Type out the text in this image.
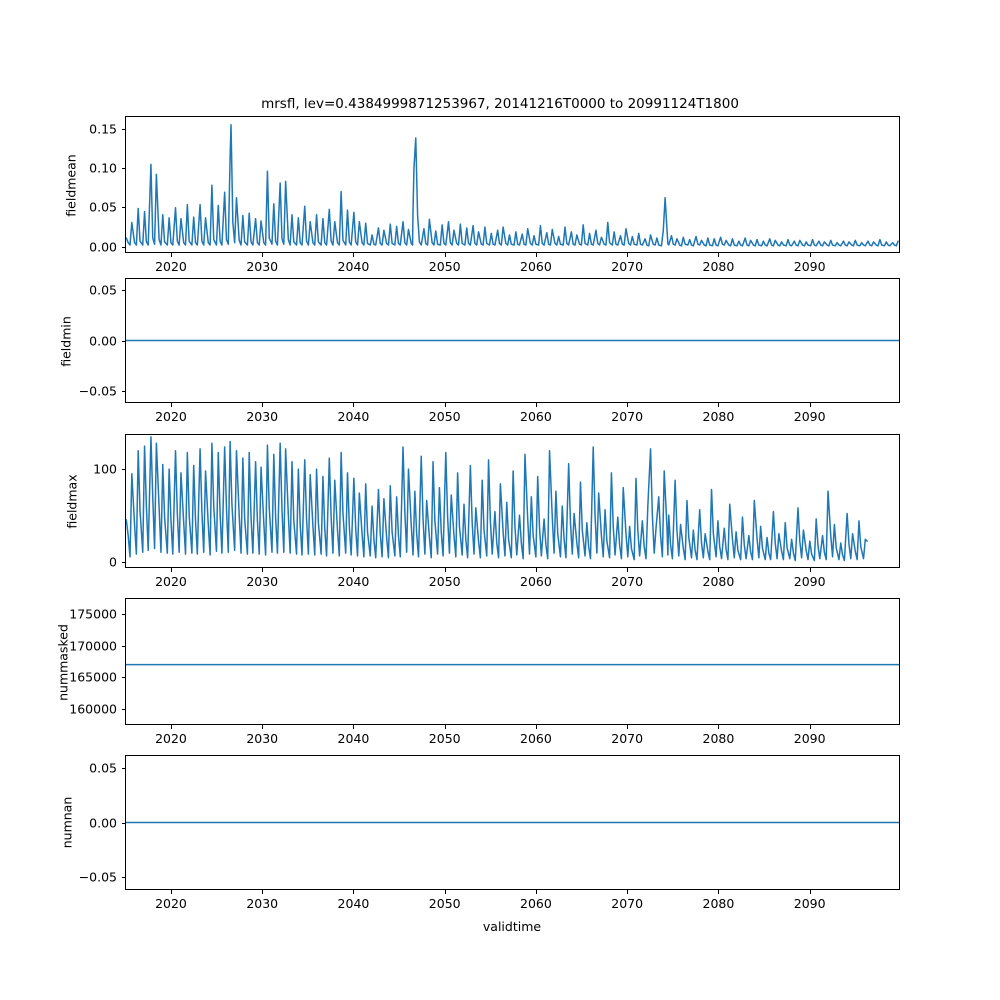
mrsfl, lev=0.4384999871253967, 20141216T0000 to 20991124T1800
fieldmean
fieldmin
fieldmax
nummasked
numnan
validtime
0.00
0.05
0.10
0.15
2020	2030	2040	2050	2060	2070	2080	2090
−0.05
0.00
0.05
2020	2030	2040	2050	2060	2070	2080	2090
0
100
2020	2030	2040	2050	2060	2070	2080	2090
160000
165000
170000
175000
2020	2030	2040	2050	2060	2070	2080	2090
−0.05
0.00
0.05
2020	2030	2040	2050	2060	2070	2080	2090
